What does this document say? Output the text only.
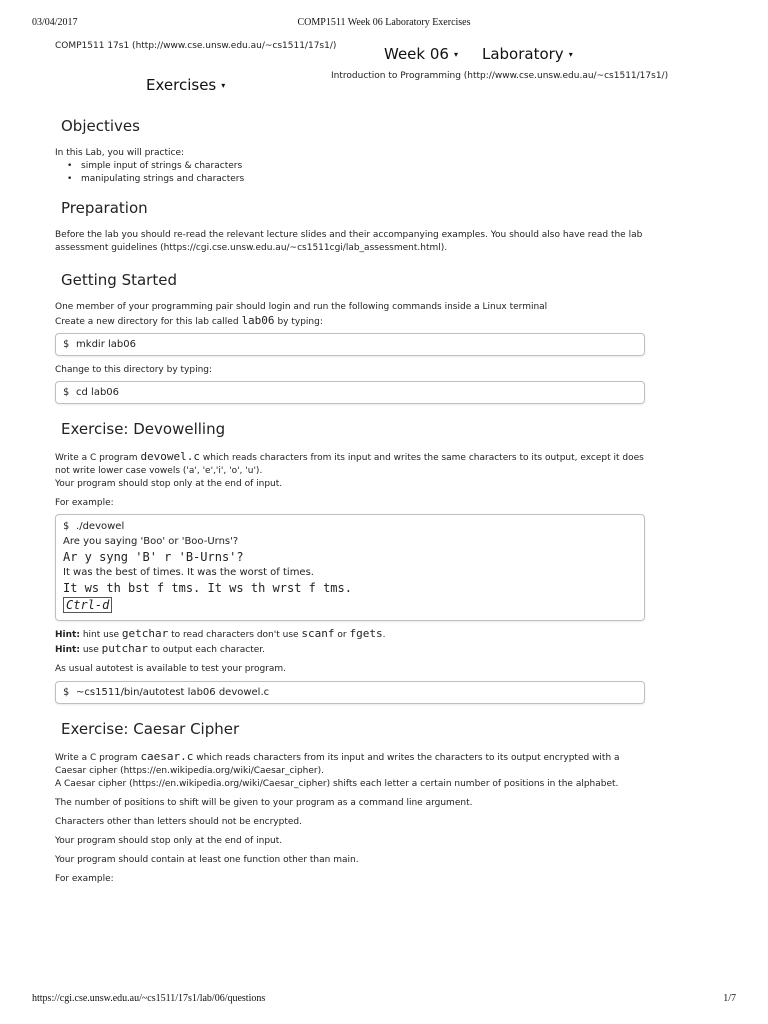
03/04/2017	COMP1511 Week 06 Laboratory Exercises
COMP1511 17s1 (http://www.cse.unsw.edu.au/~cs1511/17s1/)	Week 06 ▾ Laboratory ▾
Introduction to Programming (http://www.cse.unsw.edu.au/~cs1511/17s1/)
Exercises ▾
Objectives

In this Lab, you will practice:

• simple input of strings & characters
• manipulating strings and characters
Preparation

Before the lab you should re-read the relevant lecture slides and their accompanying examples. You should also have read the lab assessment guidelines (https://cgi.cse.unsw.edu.au/~cs1511cgi/lab_assessment.html).

Getting Started

One member of your programming pair should login and run the following commands inside a Linux terminal

Create a new directory for this lab called lab06 by typing:

$ mkdir lab06

Change to this directory by typing:

$ cd lab06
Exercise: Devowelling

Write a C program devowel.c which reads characters from its input and writes the same characters to its output, except it does not write lower case vowels ('a', 'e','i', 'o', 'u').

Your program should stop only at the end of input.

For example:

$ ./devowel
Are you saying 'Boo' or 'Boo-Urns'?
Ar y syng 'B' r 'B-Urns'?
It was the best of times. It was the worst of times.
It ws th bst f tms. It ws th wrst f tms.
Ctrl-d

Hint: hint use getchar to read characters don't use scanf or fgets.

Hint: use putchar to output each character.

As usual autotest is available to test your program.

$ ~cs1511/bin/autotest lab06 devowel.c
Exercise: Caesar Cipher

Write a C program caesar.c which reads characters from its input and writes the characters to its output encrypted with a Caesar cipher (https://en.wikipedia.org/wiki/Caesar_cipher).

A Caesar cipher (https://en.wikipedia.org/wiki/Caesar_cipher) shifts each letter a certain number of positions in the alphabet.

The number of positions to shift will be given to your program as a command line argument.

Characters other than letters should not be encrypted.

Your program should stop only at the end of input.

Your program should contain at least one function other than main.

For example:

https://cgi.cse.unsw.edu.au/~cs1511/17s1/lab/06/questions	1/7
